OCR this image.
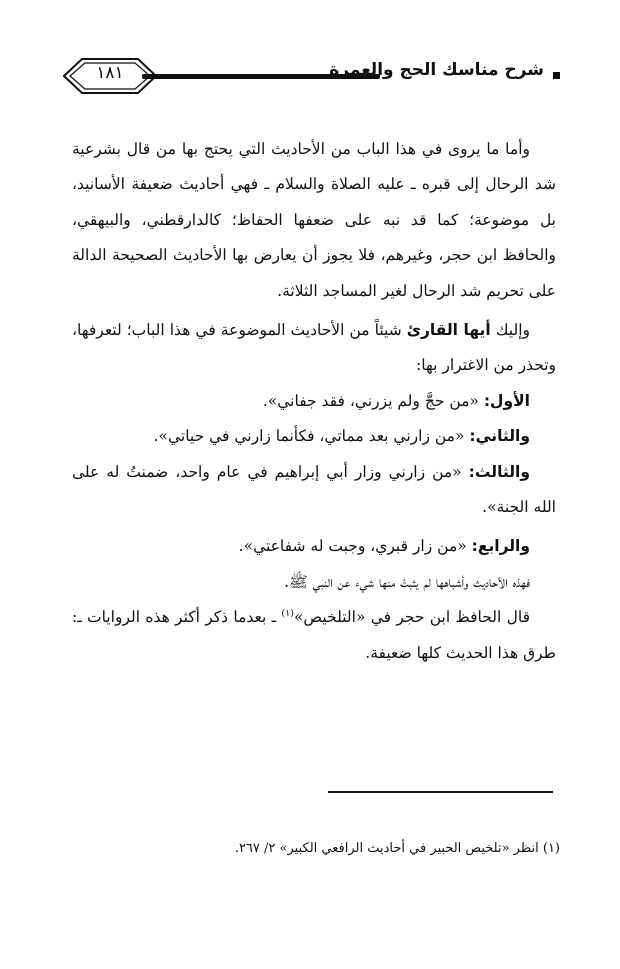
١٨١	شرح مناسك الحج والعمرة

وأما ما يروى في هذا الباب من الأحاديث التي يحتج بها من قال بشرعية شد الرحال إلى قبره ـ عليه الصلاة والسلام ـ فهي أحاديث ضعيفة الأسانيد، بل موضوعة؛ كما قد نبه على ضعفها الحفاظ؛ كالدارقطني، والبيهقي، والحافظ ابن حجر، وغيرهم، فلا يجوز أن يعارض بها الأحاديث الصحيحة الدالة على تحريم شد الرحال لغير المساجد الثلاثة.

وإليك أيها القارئ شيئاً من الأحاديث الموضوعة في هذا الباب؛ لتعرفها، وتحذر من الاغترار بها:

الأول: «من حجَّ ولم يزرني، فقد جفاني».

والثاني: «من زارني بعد مماتي، فكأنما زارني في حياتي».

والثالث: «من زارني وزار أبي إبراهيم في عام واحد، ضمنتُ له على الله الجنة».

والرابع: «من زار قبري، وجبت له شفاعتي».

فهذه الأحاديث وأشباهها لم يثبتْ منها شيء عن النبي ﷺ.

قال الحافظ ابن حجر في «التلخيص»$^{(١)}$ ـ بعدما ذكر أكثر هذه الروايات ـ: طرق هذا الحديث كلها ضعيفة.

(١) انظر «تلخيص الحبير في أحاديث الرافعي الكبير» ٢/ ٢٦٧.
